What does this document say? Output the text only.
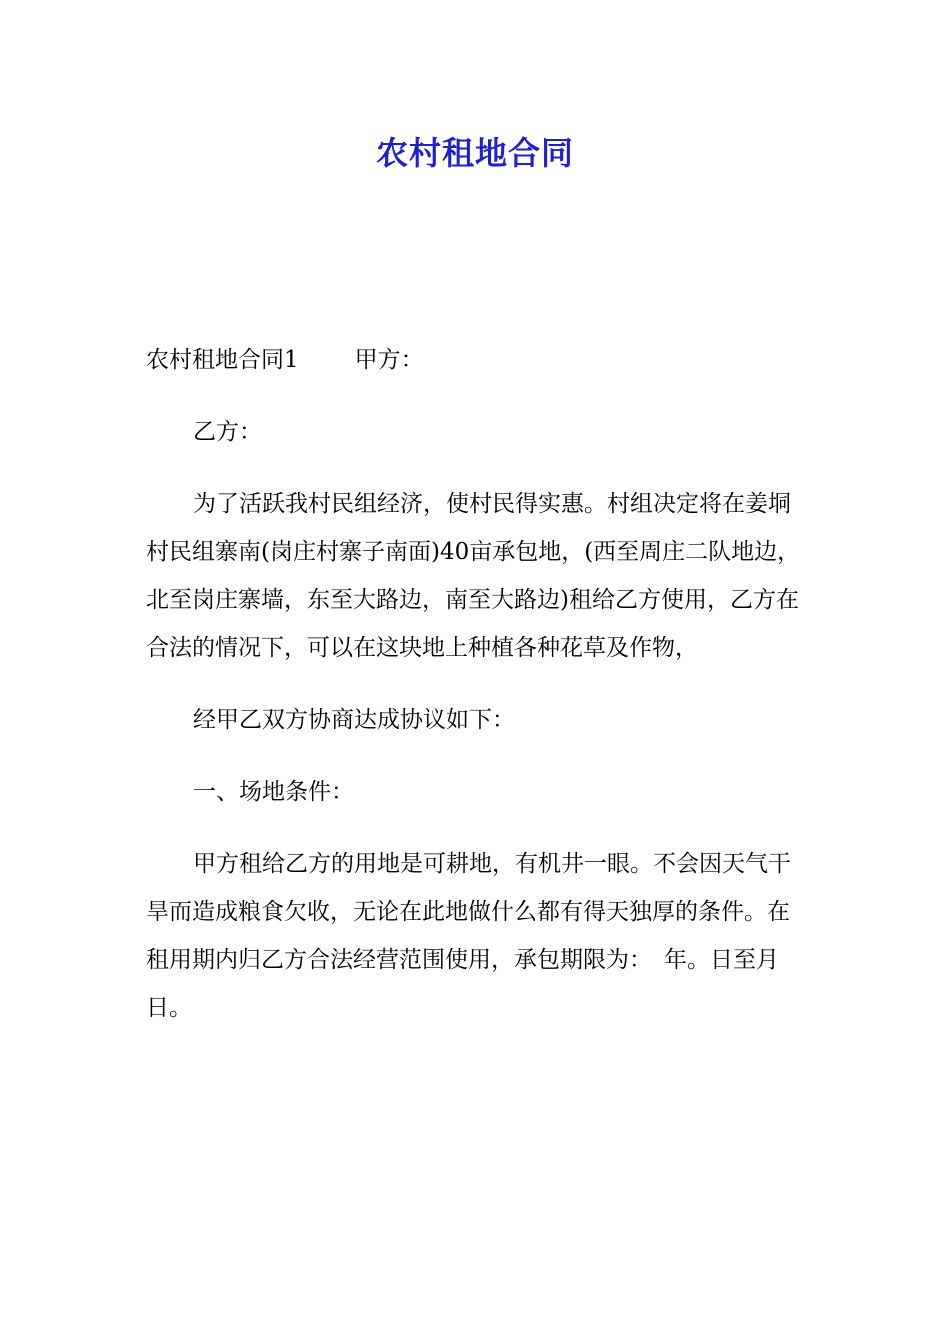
农村租地合同

农村租地合同1 甲方：

乙方：

为了活跃我村民组经济，使村民得实惠。村组决定将在姜垌村民组寨南(岗庄村寨子南面)40亩承包地，(西至周庄二队地边，北至岗庄寨墙，东至大路边，南至大路边)租给乙方使用，乙方在合法的情况下，可以在这块地上种植各种花草及作物，

经甲乙双方协商达成协议如下：

一、场地条件：

甲方租给乙方的用地是可耕地，有机井一眼。不会因天气干旱而造成粮食欠收，无论在此地做什么都有得天独厚的条件。在租用期内归乙方合法经营范围使用，承包期限为： 年。日至月日。
